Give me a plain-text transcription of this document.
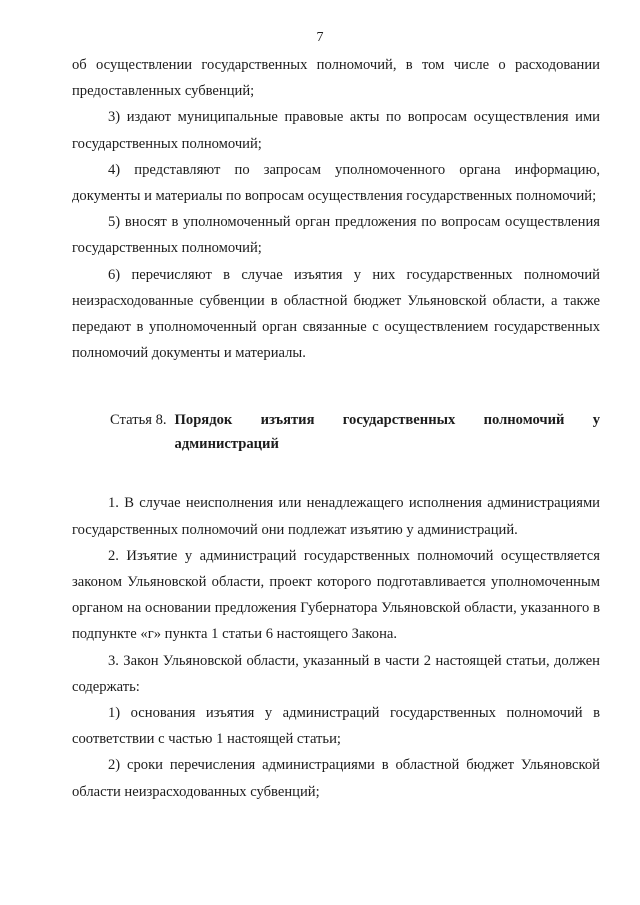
7

об осуществлении государственных полномочий, в том числе о расходовании предоставленных субвенций;

3) издают муниципальные правовые акты по вопросам осуществления ими государственных полномочий;

4) представляют по запросам уполномоченного органа информацию, документы и материалы по вопросам осуществления государственных полномочий;

5) вносят в уполномоченный орган предложения по вопросам осуществления государственных полномочий;

6) перечисляют в случае изъятия у них государственных полномочий неизрасходованные субвенции в областной бюджет Ульяновской области, а также передают в уполномоченный орган связанные с осуществлением государственных полномочий документы и материалы.

Статья 8. Порядок изъятия государственных полномочий у администраций

1. В случае неисполнения или ненадлежащего исполнения администрациями государственных полномочий они подлежат изъятию у администраций.

2. Изъятие у администраций государственных полномочий осуществляется законом Ульяновской области, проект которого подготавливается уполномоченным органом на основании предложения Губернатора Ульяновской области, указанного в подпункте «г» пункта 1 статьи 6 настоящего Закона.

3. Закон Ульяновской области, указанный в части 2 настоящей статьи, должен содержать:

1) основания изъятия у администраций государственных полномочий в соответствии с частью 1 настоящей статьи;

2) сроки перечисления администрациями в областной бюджет Ульяновской области неизрасходованных субвенций;
